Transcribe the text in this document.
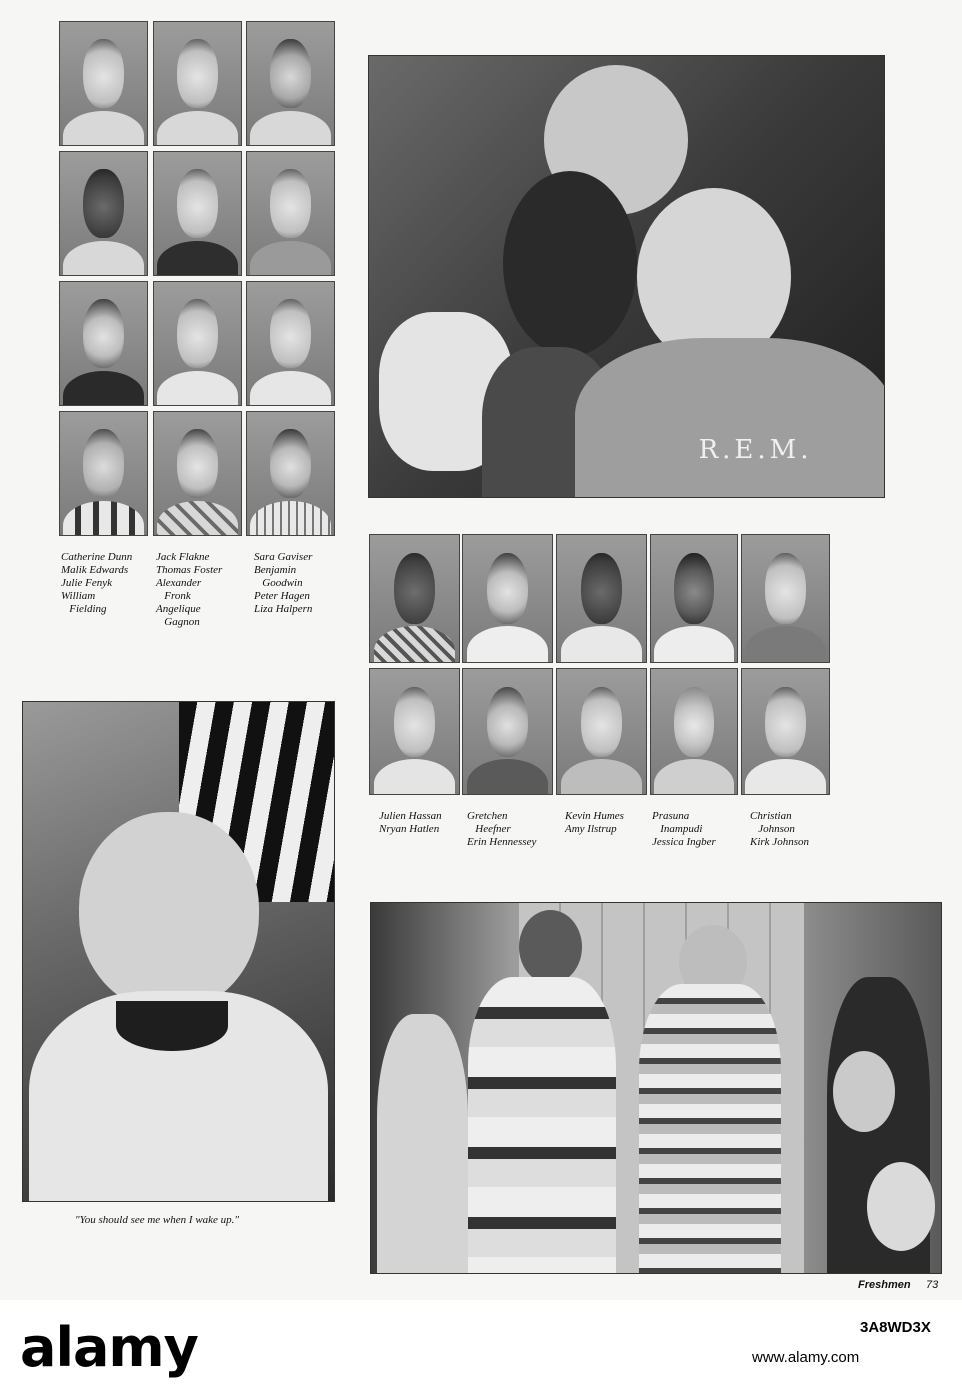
Catherine Dunn
Malik Edwards
Julie Fenyk
William
Fielding
Jack Flakne
Thomas Foster
Alexander
Fronk
Angelique
Gagnon
Sara Gaviser
Benjamin
Goodwin
Peter Hagen
Liza Halpern
R.E.M.
Julien Hassan
Nryan Hatlen
Gretchen
Heefner
Erin Hennessey
Kevin Humes
Amy Ilstrup
Prasuna
Inampudi
Jessica Ingber
Christian
Johnson
Kirk Johnson
"You should see me when I wake up."
Freshmen 73
alamy	3A8WD3X
www.alamy.com
